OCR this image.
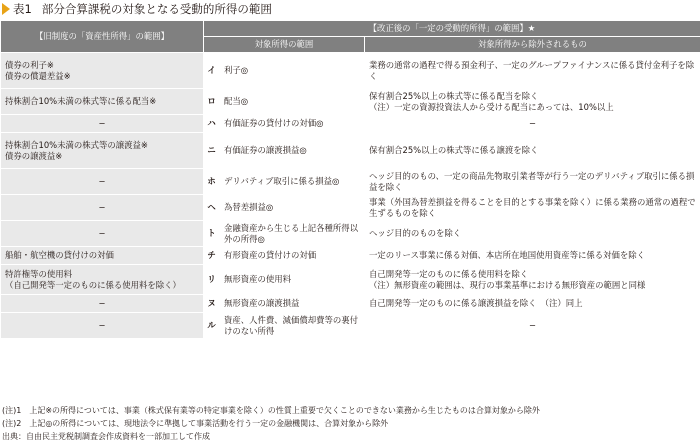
表1 部分合算課税の対象となる受動的所得の範囲
【旧制度の「資産性所得」の範囲】	【改正後の「一定の受動的所得」の範囲】★		
	対象所得の範囲		対象所得から除外されるもの

債券の利子※
債券の償還差益※	イ	利子◎	業務の通常の過程で得る預金利子、一定のグループファイナンスに係る貸付金利子を除く

持株割合10%未満の株式等に係る配当※	ロ	配当◎	保有割合25%以上の株式等に係る配当を除く
（注）一定の資源投資法人から受ける配当にあっては、10%以上

−	ハ	有価証券の貸付けの対価◎	−

持株割合10%未満の株式等の譲渡益※
債券の譲渡益※	ニ	有価証券の譲渡損益◎	保有割合25%以上の株式等に係る譲渡を除く

−	ホ	デリバティブ取引に係る損益◎	ヘッジ目的のもの、一定の商品先物取引業者等が行う一定のデリバティブ取引に係る損益を除く

−	ヘ	為替差損益◎	事業（外国為替差損益を得ることを目的とする事業を除く）に係る業務の通常の過程で生ずるものを除く

−	ト	金融資産から生じる上記各種所得以外の所得◎	ヘッジ目的のものを除く

船舶・航空機の貸付けの対価	チ	有形資産の貸付けの対価	一定のリース事業に係る対価、本店所在地国使用資産等に係る対価を除く

特許権等の使用料
（自己開発等一定のものに係る使用料を除く）	リ	無形資産の使用料	自己開発等一定のものに係る使用料を除く
（注）無形資産の範囲は、現行の事業基準における無形資産の範囲と同様

−	ヌ	無形資産の譲渡損益	自己開発等一定のものに係る譲渡損益を除く　（注）同上

−	ル	資産、人件費、減価償却費等の裏付けのない所得	−
(注)1　上記※の所得については、事業（株式保有業等の特定事業を除く）の性質上重要で欠くことのできない業務から生じたものは合算対象から除外
(注)2　上記◎の所得については、現地法令に準拠して事業活動を行う一定の金融機関は、合算対象から除外
出典：自由民主党税制調査会作成資料を一部加工して作成
